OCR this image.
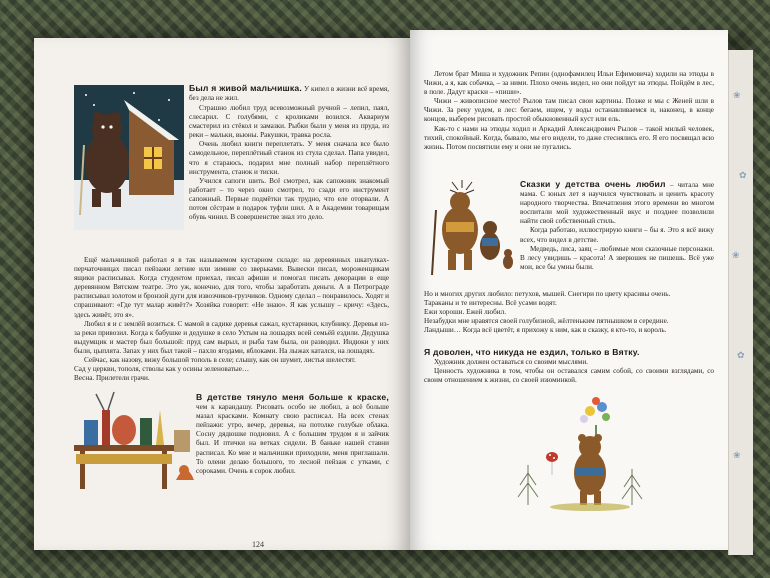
Был я живой мальчишка. У кипел в жизни всё время, без дела не жил.

Страшно любил труд всевозможный ручной – лепил, паял, слесарил. С голубями, с кроликами возился. Аквариум смастерил из стёкол и замазки. Рыбки были у меня из пруда, из реки – мальки, вьюны. Ракушки, травка росла.

Очень любил книги переплетать. У меня сначала все было самодельное, переплётный станок из стула сделал. Папа увидел, что я стараюсь, подарил мне полный набор переплётного инструмента, станок и тиски.

Учился сапоги шить. Всё смотрел, как сапожник знакомый работает – то через окно смотрел, то сзади его инструмент сапожный. Первые подмётки так трудно, что еле оторвали. А потом сёстрам в подарок туфли шил. А в Академии товарищам обувь чинил. В совершенстве знал это дело.

Ещё мальчишкой работал я в так называемом кустарном складе: на деревянных шкатулках-перчаточницах писал пейзажи летние или зимние со зверьками. Вывески писал, мороженщикам ящики расписывал. Когда студентом приехал, писал афиши и помогал писать декорации в еще деревянном Вятском театре. Это уж, конечно, для того, чтобы заработать деньги. А в Петрограде расписывал золотом и бронзой дуги для извозчиков-грузчиков. Одному сделал – понравилось. Ходят и спрашивают: «Где тут малар живёт?» Хозяйка говорит: «Не знаю». Я как услышу – кричу: «Здесь, здесь живёт, это я».

Любил я и с землёй возиться. С мамой в садике деревья сажал, кустарники, клубнику. Деревья из-за реки привозил. Когда к бабушке и дедушке в село Ухтым на лошадях всей семьёй ездили. Дедушка выдумщик и мастер был большой: пруд сам вырыл, и рыба там была, он разводил. Индюки у них были, цыплята. Запах у них был такой – пахло ягодами, яблоками. На лыжах катался, на лошадях.

Сейчас, как назову, вижу большой тополь в селе; слышу, как он шумит, листья шелестят.

Сад у церкви, тополя, стволы как у осины зеленоватые…

Весна. Прилетели грачи.

В детстве тянуло меня больше к краске, чем к карандашу. Рисовать особо не любил, а всё больше мазал красками. Комнату свою расписал. На всех стенах пейзажи: утро, вечер, деревья, на потолке голубые облака. Сосну дядюшке подновил. А с большим трудом я и зайчик был. И птички на ветках сидели. В баньке нашей ставни расписал. Ко мне и мальчишки приходили, меня приглашали. То олени делаю большого, то лесной пейзаж с утками, с сороками. Очень я сорок любил.

124

Летом брат Миша и художник Репин (однофамилец Ильи Ефимовича) ходили на этюды в Чижи, а я, как собачка, – за ними. Плохо очень видел, но они пойдут на этюды. Пойдём в лес, в поле. Дадут краски – «пиши».

Чижи – живописное место! Рылов там писал свои картины. Позже и мы с Женей шли в Чижи. За реку уедем, в лес: бегаем, ищем, у воды останавливаемся и, наконец, в конце концов, выберем рисовать простой обыкновенный куст или ель.

Как-то с нами на этюды ходил и Аркадий Александрович Рылов – такой милый человек, тихий, спокойный. Когда, бывало, мы его видели, то даже стеснялись его. Я его посвящал всю жизнь. Потом посвятили ему и они не пугались.

Сказки у детства очень любил – читала мне мама. С юных лет я научился чувствовать и ценить красоту народного творчества. Впечатления этого времени во многом воспитали мой художественный вкус и позднее позволили найти свой собственный стиль.

Когда работаю, иллюстрирую книги – бы я. Это я всё вижу всех, что видел в детстве.

Медведь, лиса, заяц – любимые мои сказочные персонажи. В лесу увидишь – красота! А зверюшек не пишешь. Всё уже мои, все бы умны были.

Но и многих других любило: петухов, мышей. Снегири по цвету красивы очень.

Тараканы и те интересны. Всё усами водят.

Ежи хороши. Ежей любил.

Незабудки мне нравятся своей голубизной, жёлтеньким пятнышком в середине.

Ландыши… Когда всё цветёт, я прихожу к ним, как в сказку, я кто-то, и король.

Я доволен, что никуда не ездил, только в Вятку.

Художник должен оставаться со своими мыслями.

Ценность художника в том, чтобы он оставался самим собой, со своими взглядами, со своим отношением к жизни, со своей изюминкой.

❀
✿
❀
✿
❀
